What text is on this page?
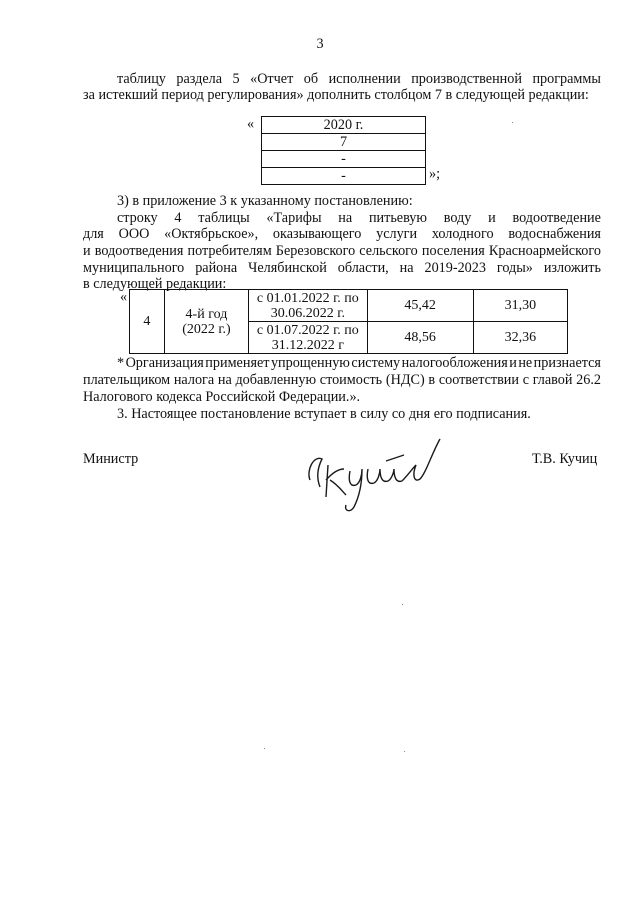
3
таблицу раздела 5 «Отчет об исполнении производственной программы
за истекший период регулирования» дополнить столбцом 7 в следующей редакции:
«	2020 г.
7
-
-	»;
3) в приложение 3 к указанному постановлению:
строку 4 таблицы «Тарифы на питьевую воду и водоотведение
для ООО «Октябрьское», оказывающего услуги холодного водоснабжения
и водоотведения потребителям Березовского сельского поселения Красноармейского
муниципального района Челябинской области, на 2019-2023 годы» изложить
в следующей редакции:
«
4	4-й год (2022 г.)	с 01.01.2022 г. по 30.06.2022 г.	45,42	31,30
		с 01.07.2022 г. по 31.12.2022 г	48,56	32,36
* Организация применяет упрощенную систему налогообложения и не признается
плательщиком налога на добавленную стоимость (НДС) в соответствии с главой 26.2
Налогового кодекса Российской Федерации.».
3. Настоящее постановление вступает в силу со дня его подписания.
Министр	Т.В. Кучиц
